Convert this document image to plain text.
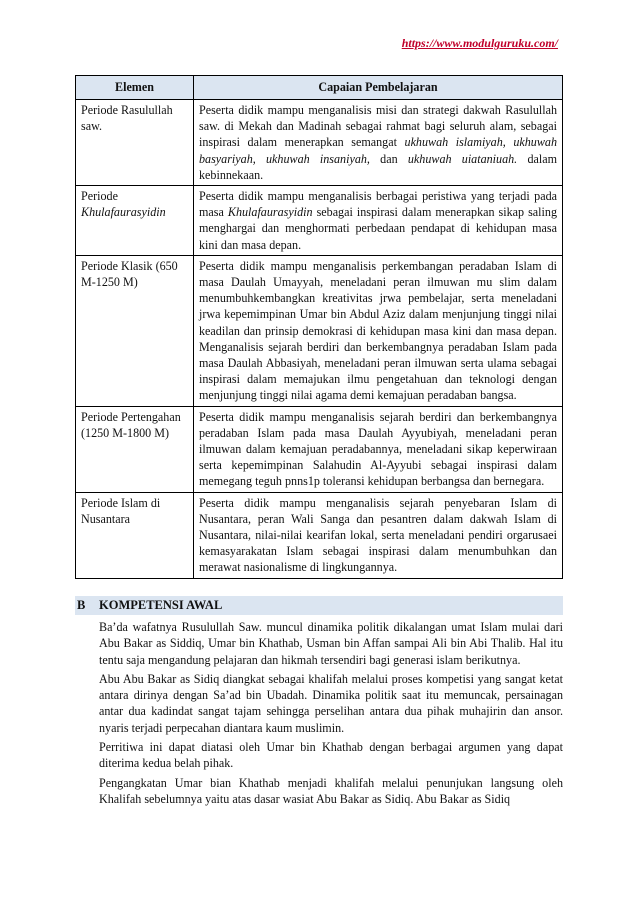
https://www.modulguruku.com/
Elemen	Capaian Pembelajaran
Periode Rasulullah saw.	Peserta didik mampu menganalisis misi dan strategi dakwah Rasulullah saw. di Mekah dan Madinah sebagai rahmat bagi seluruh alam, sebagai inspirasi dalam menerapkan semangat ukhuwah islamiyah, ukhuwah basyariyah, ukhuwah insaniyah, dan ukhuwah uiataniuah. dalam kebinnekaan.
Periode
Khulafaurasyidin	Peserta didik mampu menganalisis berbagai peristiwa yang terjadi pada masa Khulafaurasyidin sebagai inspirasi dalam menerapkan sikap saling menghargai dan menghormati perbedaan pendapat di kehidupan masa kini dan masa depan.
Periode Klasik (650 M-1250 M)	Peserta didik mampu menganalisis perkembangan peradaban Islam di masa Daulah Umayyah, meneladani peran ilmuwan mu slim dalam menumbuhkembangkan kreativitas jrwa pembelajar, serta meneladani jrwa kepemimpinan Umar bin Abdul Aziz dalam menjunjung tinggi nilai keadilan dan prinsip demokrasi di kehidupan masa kini dan masa depan. Menganalisis sejarah berdiri dan berkembangnya peradaban Islam pada masa Daulah Abbasiyah, meneladani peran ilmuwan serta ulama sebagai inspirasi dalam memajukan ilmu pengetahuan dan teknologi dengan menjunjung tinggi nilai agama demi kemajuan peradaban bangsa.
Periode Pertengahan (1250 M-1800 M)	Peserta didik mampu menganalisis sejarah berdiri dan berkembangnya peradaban Islam pada masa Daulah Ayyubiyah, meneladani peran ilmuwan dalam kemajuan peradabannya, meneladani sikap keperwiraan serta kepemimpinan Salahudin Al-Ayyubi sebagai inspirasi dalam memegang teguh pnns1p toleransi kehidupan berbangsa dan bernegara.
Periode Islam di Nusantara	Peserta didik mampu menganalisis sejarah penyebaran Islam di Nusantara, peran Wali Sanga dan pesantren dalam dakwah Islam di Nusantara, nilai-nilai kearifan lokal, serta meneladani pendiri orgarusaei kemasyarakatan Islam sebagai inspirasi dalam menumbuhkan dan merawat nasionalisme di lingkungannya.
B KOMPETENSI AWAL

Ba’da wafatnya Rusulullah Saw. muncul dinamika politik dikalangan umat Islam mulai dari Abu Bakar as Siddiq, Umar bin Khathab, Usman bin Affan sampai Ali bin Abi Thalib. Hal itu tentu saja mengandung pelajaran dan hikmah tersendiri bagi generasi islam berikutnya.

Abu Abu Bakar as Sidiq diangkat sebagai khalifah melalui proses kompetisi yang sangat ketat antara dirinya dengan Sa’ad bin Ubadah. Dinamika politik saat itu memuncak, persainagan antar dua kadindat sangat tajam sehingga perselihan antara dua pihak muhajirin dan ansor. nyaris terjadi perpecahan diantara kaum muslimin.

Perritiwa ini dapat diatasi oleh Umar bin Khathab dengan berbagai argumen yang dapat diterima kedua belah pihak.

Pengangkatan Umar bian Khathab menjadi khalifah melalui penunjukan langsung oleh Khalifah sebelumnya yaitu atas dasar wasiat Abu Bakar as Sidiq. Abu Bakar as Sidiq
